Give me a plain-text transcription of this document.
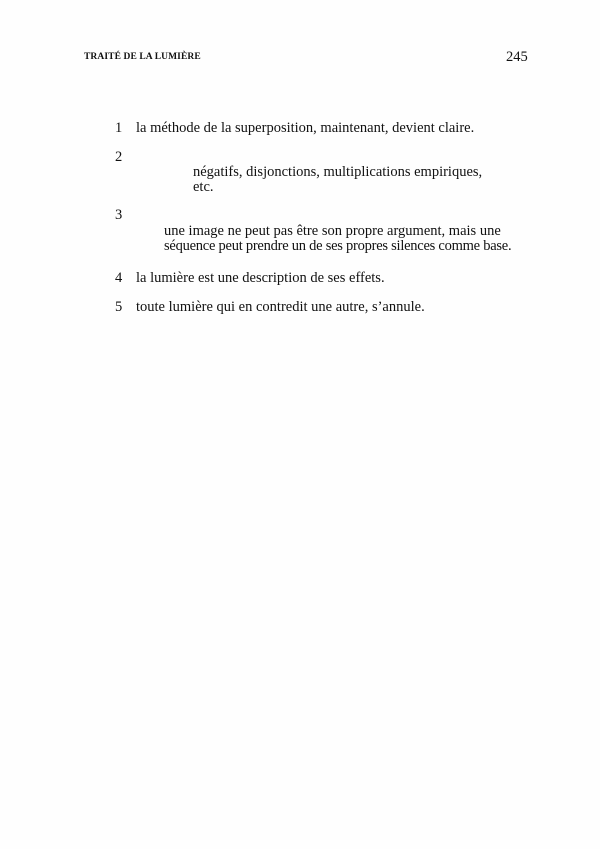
TRAITÉ DE LA LUMIÈRE	245
1 la méthode de la superposition, maintenant, devient claire.
2
négatifs, disjonctions, multiplications empiriques,
etc.
3
une image ne peut pas être son propre argument, mais une
séquence peut prendre un de ses propres silences comme base.
4 la lumière est une description de ses effets.
5 toute lumière qui en contredit une autre, s’annule.
